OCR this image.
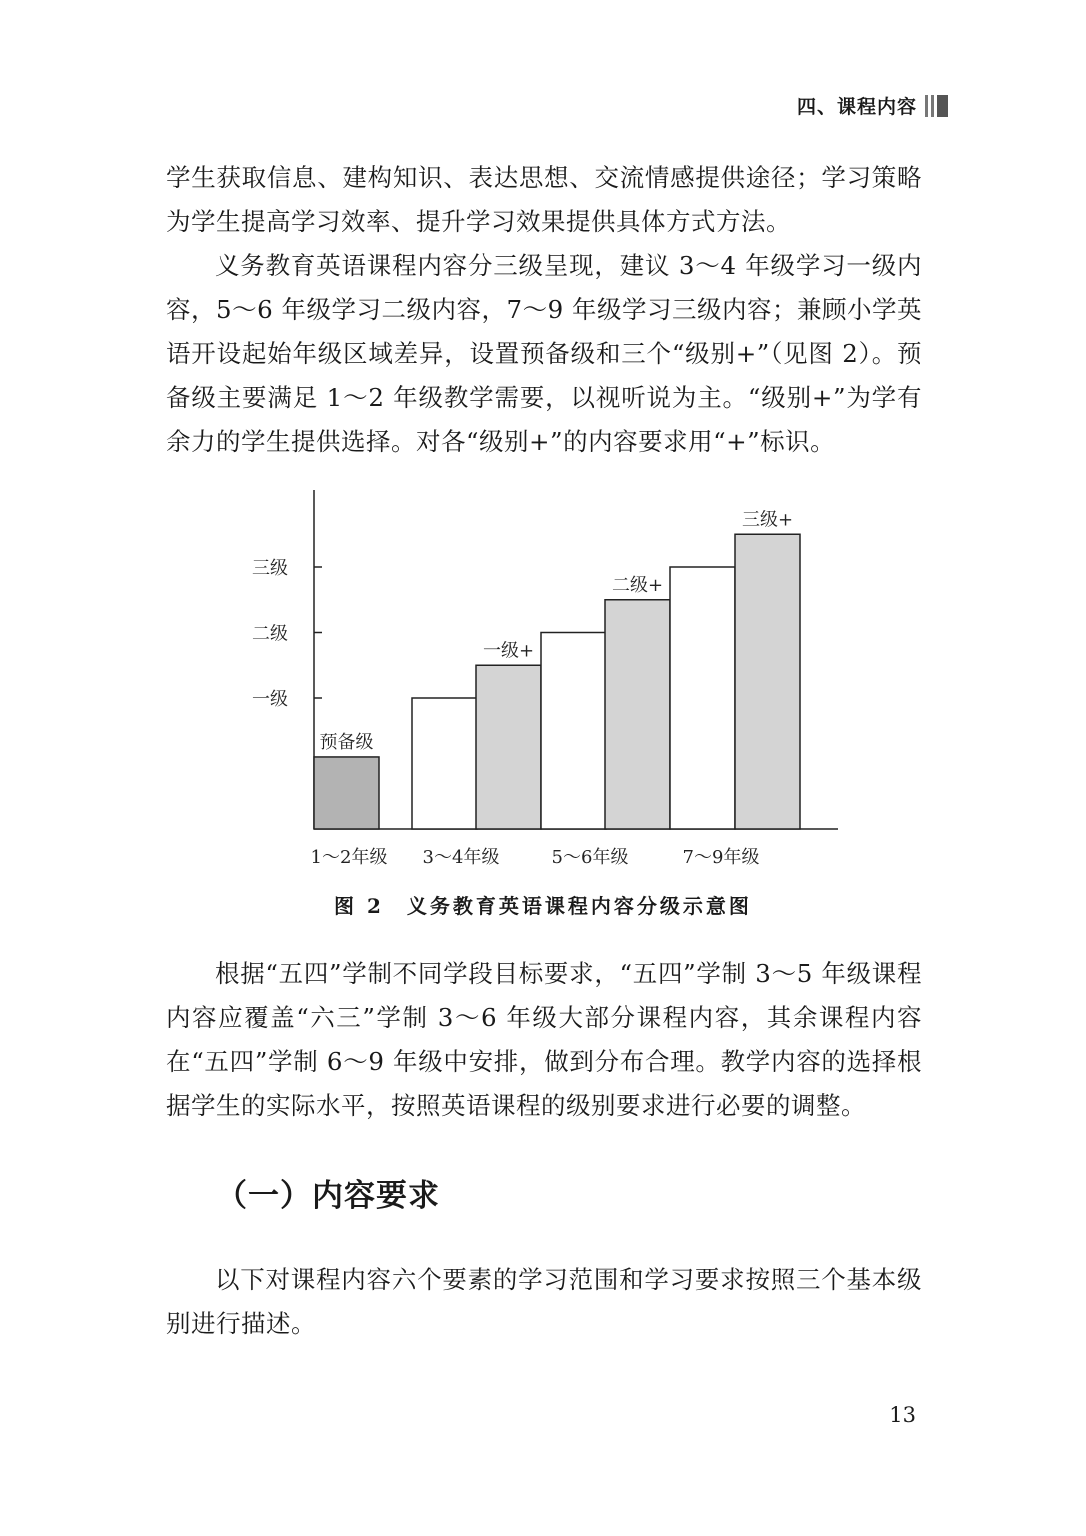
四、课程内容

学生获取信息、建构知识、表达思想、交流情感提供途径；学习策略为学生提高学习效率、提升学习效果提供具体方式方法。

义务教育英语课程内容分三级呈现，建议 3～4 年级学习一级内容，5～6 年级学习二级内容，7～9 年级学习三级内容；兼顾小学英语开设起始年级区域差异，设置预备级和三个“级别+”（见图 2）。预备级主要满足 1～2 年级教学需要，以视听说为主。“级别+”为学有余力的学生提供选择。对各“级别+”的内容要求用“+”标识。

一级
二级
三级
预备级
一级+
二级+
三级+
1～2年级 3～4年级	5～6年级	7～9年级
图 2　义务教育英语课程内容分级示意图

根据“五四”学制不同学段目标要求，“五四”学制 3～5 年级课程内容应覆盖“六三”学制 3～6 年级大部分课程内容，其余课程内容在“五四”学制 6～9 年级中安排，做到分布合理。教学内容的选择根据学生的实际水平，按照英语课程的级别要求进行必要的调整。

（一）内容要求

以下对课程内容六个要素的学习范围和学习要求按照三个基本级别进行描述。

13
